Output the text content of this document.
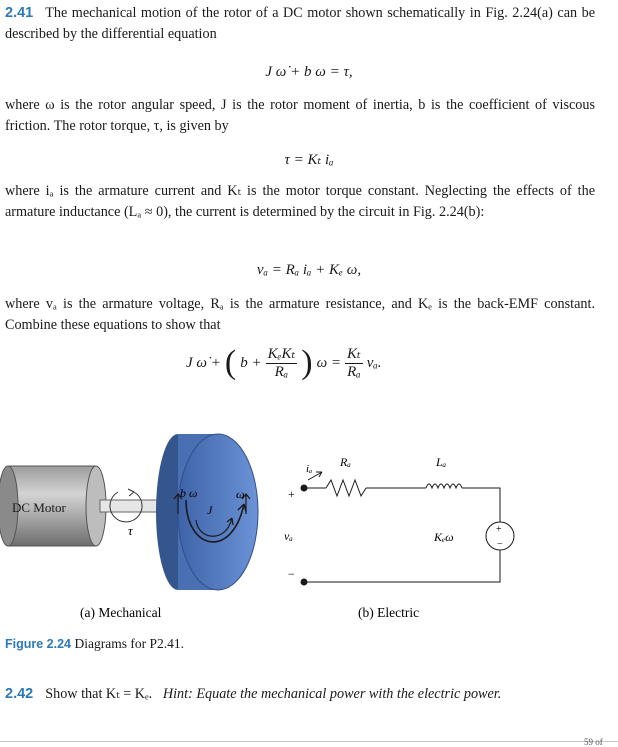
2.41 The mechanical motion of the rotor of a DC motor shown schematically in Fig. 2.24(a) can be described by the differential equation
J ω̇ + b ω = τ,
where ω is the rotor angular speed, J is the rotor moment of inertia, b is the coefficient of viscous friction. The rotor torque, τ, is given by
τ = Kₜ iₐ
where iₐ is the armature current and Kₜ is the motor torque constant. Neglecting the effects of the armature inductance (Lₐ ≈ 0), the current is determined by the circuit in Fig. 2.24(b):
vₐ = Rₐ iₐ + Kₑ ω,
where vₐ is the armature voltage, Rₐ is the armature resistance, and Kₑ is the back-EMF constant. Combine these equations to show that
J ω̇ + ( b +
KₑKₜ
Rₐ ) $\omega = \frac{\text{Kₜ}}{\text{Rₐ}} v_a$.
DC Motor
τ
b ω
J
ω
iₐ Rₐ	Lₐ
+
−
vₐ	Kₑω
+
−
(a) Mechanical	(b) Electric
Figure 2.24 Diagrams for P2.41.
2.42 Show that Kₜ = Kₑ. Hint: Equate the mechanical power with the electric power.
59 of
